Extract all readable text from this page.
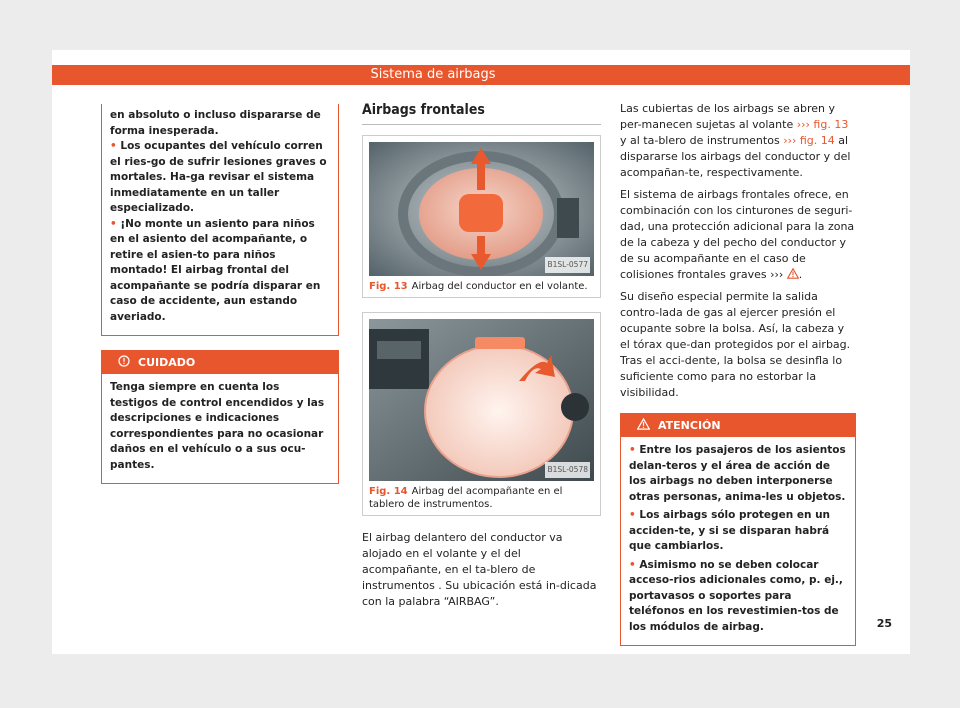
Sistema de airbags

en absoluto o incluso dispararse de forma inesperada.

• Los ocupantes del vehículo corren el ries-go de sufrir lesiones graves o mortales. Ha-ga revisar el sistema inmediatamente en un taller especializado.

• ¡No monte un asiento para niños en el asiento del acompañante, o retire el asien-to para niños montado! El airbag frontal del acompañante se podría disparar en caso de accidente, aun estando averiado.

CUIDADO
Tenga siempre en cuenta los testigos de control encendidos y las descripciones e indicaciones correspondientes para no ocasionar daños en el vehículo o a sus ocu-pantes.
Airbags frontales
B1SL-0577
Fig. 13 Airbag del conductor en el volante.
B1SL-0578
Fig. 14 Airbag del acompañante en el tablero de instrumentos.

El airbag delantero del conductor va alojado en el volante y el del acompañante, en el ta-blero de instrumentos . Su ubicación está in-dicada con la palabra “AIRBAG”.

Las cubiertas de los airbags se abren y per-manecen sujetas al volante ››› fig. 13 y al ta-blero de instrumentos ››› fig. 14 al dispararse los airbags del conductor y del acompañan-te, respectivamente.

El sistema de airbags frontales ofrece, en combinación con los cinturones de seguri-dad, una protección adicional para la zona de la cabeza y del pecho del conductor y de su acompañante en el caso de colisiones frontales graves ››› .

Su diseño especial permite la salida contro-lada de gas al ejercer presión el ocupante sobre la bolsa. Así, la cabeza y el tórax que-dan protegidos por el airbag. Tras el acci-dente, la bolsa se desinfla lo suficiente como para no estorbar la visibilidad.

ATENCIÓN

• Entre los pasajeros de los asientos delan-teros y el área de acción de los airbags no deben interponerse otras personas, anima-les u objetos.

• Los airbags sólo protegen en un acciden-te, y si se disparan habrá que cambiarlos.

• Asimismo no se deben colocar acceso-rios adicionales como, p. ej., portavasos o soportes para teléfonos en los revestimien-tos de los módulos de airbag.	25
